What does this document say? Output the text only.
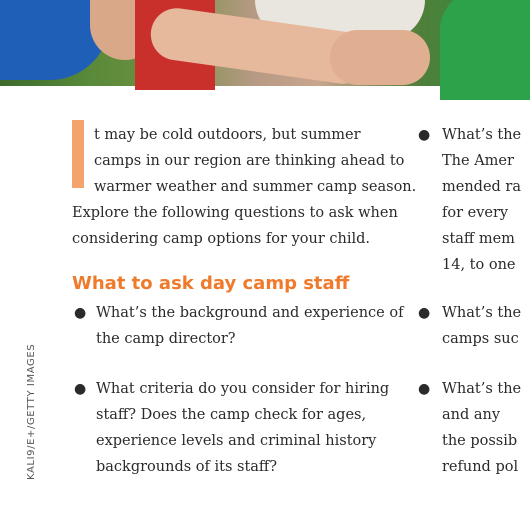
KALI9/E+/GETTY IMAGES
t may be cold outdoors, but summer
camps in our region are thinking ahead to
warmer weather and summer camp season.
Explore the following questions to ask when
considering camp options for your child.
What to ask day camp staff
● What’s the background and experience of
the camp director?
● What criteria do you consider for hiring
staff? Does the camp check for ages,
experience levels and criminal history
backgrounds of its staff?
● What’s the
The Amer
mended ra
for every
staff mem
14, to one
● What’s the
camps suc
● What’s the
and any
the possib
refund pol
